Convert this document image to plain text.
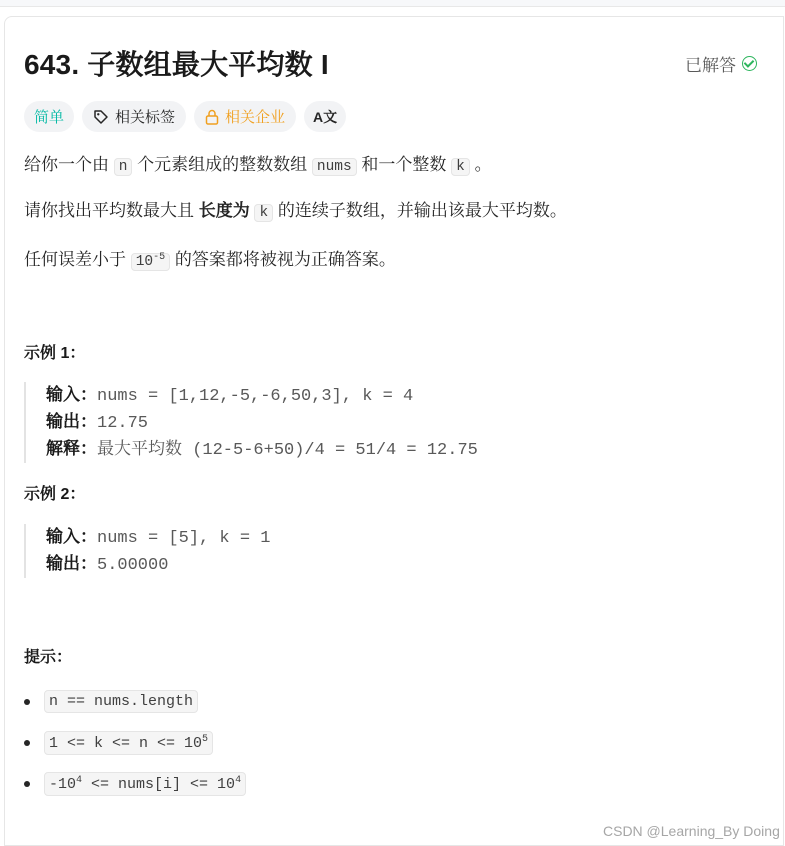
643. 子数组最大平均数 I	已解答
简单	相关标签	相关企业 A文
给你一个由 n 个元素组成的整数数组 nums 和一个整数 k 。
请你找出平均数最大且 长度为 k 的连续子数组，并输出该最大平均数。
任何误差小于 $10^{-5}$ 的答案都将被视为正确答案。
示例 1：
输入：nums = [1,12,-5,-6,50,3], k = 4
输出：12.75
解释：最大平均数 (12-5-6+50)/4 = 51/4 = 12.75
示例 2：
输入：nums = [5], k = 1
输出：5.00000
提示：
n == nums.length
$1 <= k <= n <= 10^5$
$-10^4$ <= nums[i] <= $10^4$
CSDN @Learning_By Doing
